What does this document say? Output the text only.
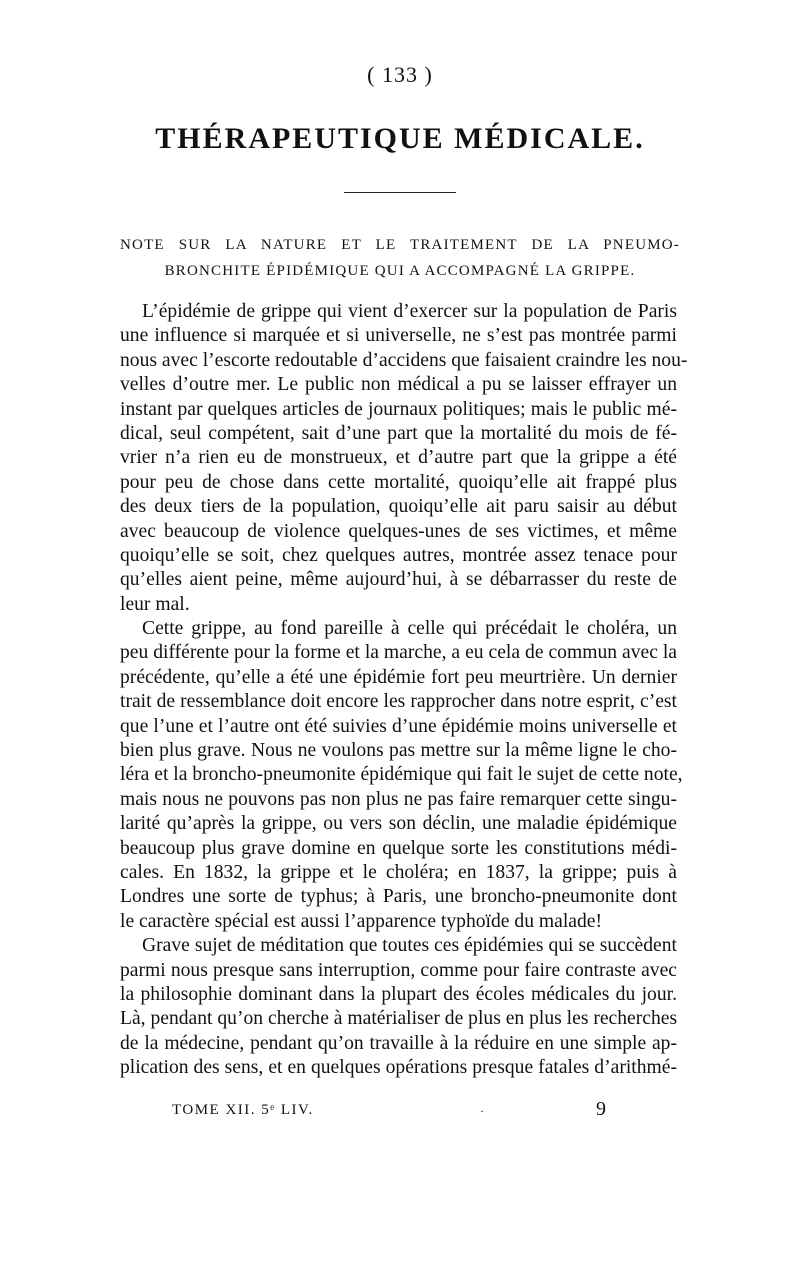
( 133 )
THÉRAPEUTIQUE MÉDICALE.
NOTE SUR LA NATURE ET LE TRAITEMENT DE LA PNEUMO-
BRONCHITE ÉPIDÉMIQUE QUI A ACCOMPAGNÉ LA GRIPPE.
L’épidémie de grippe qui vient d’exercer sur la population de Paris
une influence si marquée et si universelle, ne s’est pas montrée parmi
nous avec l’escorte redoutable d’accidens que faisaient craindre les nou-
velles d’outre mer. Le public non médical a pu se laisser effrayer un
instant par quelques articles de journaux politiques; mais le public mé-
dical, seul compétent, sait d’une part que la mortalité du mois de fé-
vrier n’a rien eu de monstrueux, et d’autre part que la grippe a été
pour peu de chose dans cette mortalité, quoiqu’elle ait frappé plus
des deux tiers de la population, quoiqu’elle ait paru saisir au début
avec beaucoup de violence quelques-unes de ses victimes, et même
quoiqu’elle se soit, chez quelques autres, montrée assez tenace pour
qu’elles aient peine, même aujourd’hui, à se débarrasser du reste de
leur mal.
Cette grippe, au fond pareille à celle qui précédait le choléra, un
peu différente pour la forme et la marche, a eu cela de commun avec la
précédente, qu’elle a été une épidémie fort peu meurtrière. Un dernier
trait de ressemblance doit encore les rapprocher dans notre esprit, c’est
que l’une et l’autre ont été suivies d’une épidémie moins universelle et
bien plus grave. Nous ne voulons pas mettre sur la même ligne le cho-
léra et la broncho-pneumonite épidémique qui fait le sujet de cette note,
mais nous ne pouvons pas non plus ne pas faire remarquer cette singu-
larité qu’après la grippe, ou vers son déclin, une maladie épidémique
beaucoup plus grave domine en quelque sorte les constitutions médi-
cales. En 1832, la grippe et le choléra; en 1837, la grippe; puis à
Londres une sorte de typhus; à Paris, une broncho-pneumonite dont
le caractère spécial est aussi l’apparence typhoïde du malade!
Grave sujet de méditation que toutes ces épidémies qui se succèdent
parmi nous presque sans interruption, comme pour faire contraste avec
la philosophie dominant dans la plupart des écoles médicales du jour.
Là, pendant qu’on cherche à matérialiser de plus en plus les recherches
de la médecine, pendant qu’on travaille à la réduire en une simple ap-
plication des sens, et en quelques opérations presque fatales d’arithmé-
TOME XII. 5ᵉ LIV.	·	9
